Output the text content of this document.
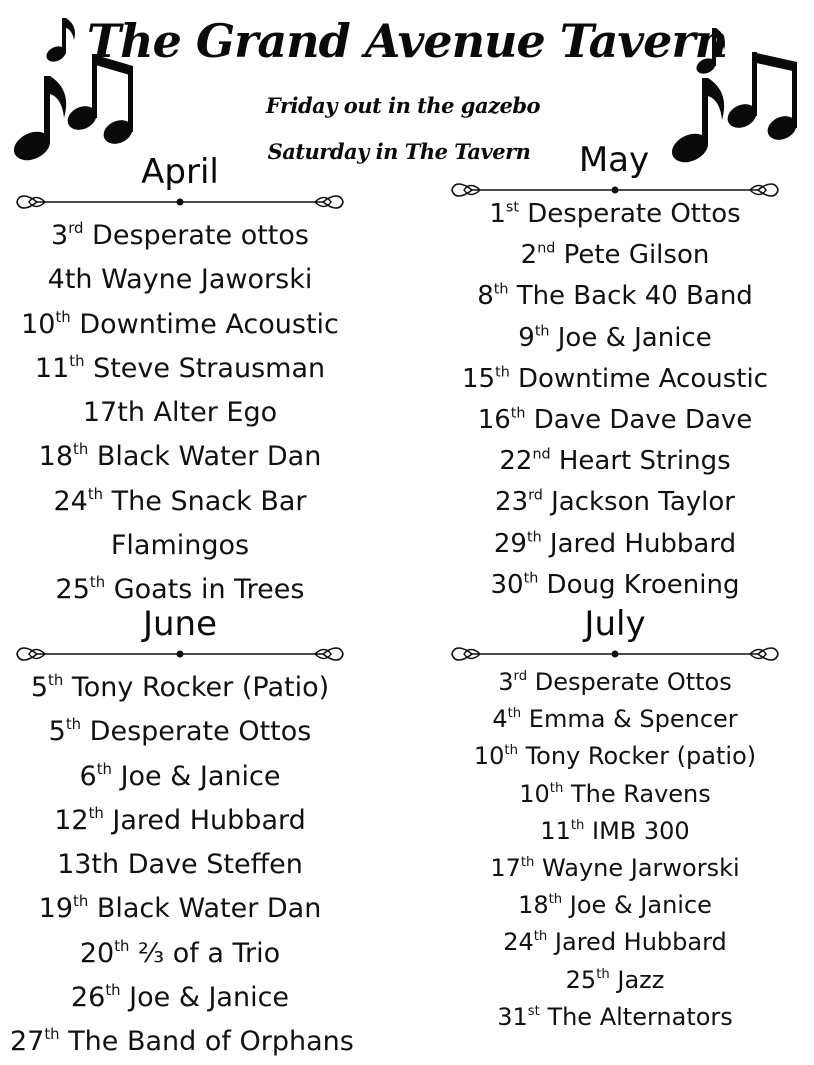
The Grand Avenue Tavern
Friday out in the gazebo
Saturday in The Tavern
April
3rd Desperate ottos
4th Wayne Jaworski
10th Downtime Acoustic
11th Steve Strausman
17th Alter Ego
18th Black Water Dan
24th The Snack Bar
Flamingos
25th Goats in Trees
May
1st Desperate Ottos
2nd Pete Gilson
8th The Back 40 Band
9th Joe & Janice
15th Downtime Acoustic
16th Dave Dave Dave
22nd Heart Strings
23rd Jackson Taylor
29th Jared Hubbard
30th Doug Kroening
June
5th Tony Rocker (Patio)
5th Desperate Ottos
6th Joe & Janice
12th Jared Hubbard
13th Dave Steffen
19th Black Water Dan
20th ⅔ of a Trio
26th Joe & Janice
27th The Band of Orphans
July
3rd Desperate Ottos
4th Emma & Spencer
10th Tony Rocker (patio)
10th The Ravens
11th IMB 300
17th Wayne Jarworski
18th Joe & Janice
24th Jared Hubbard
25th Jazz
31st The Alternators
